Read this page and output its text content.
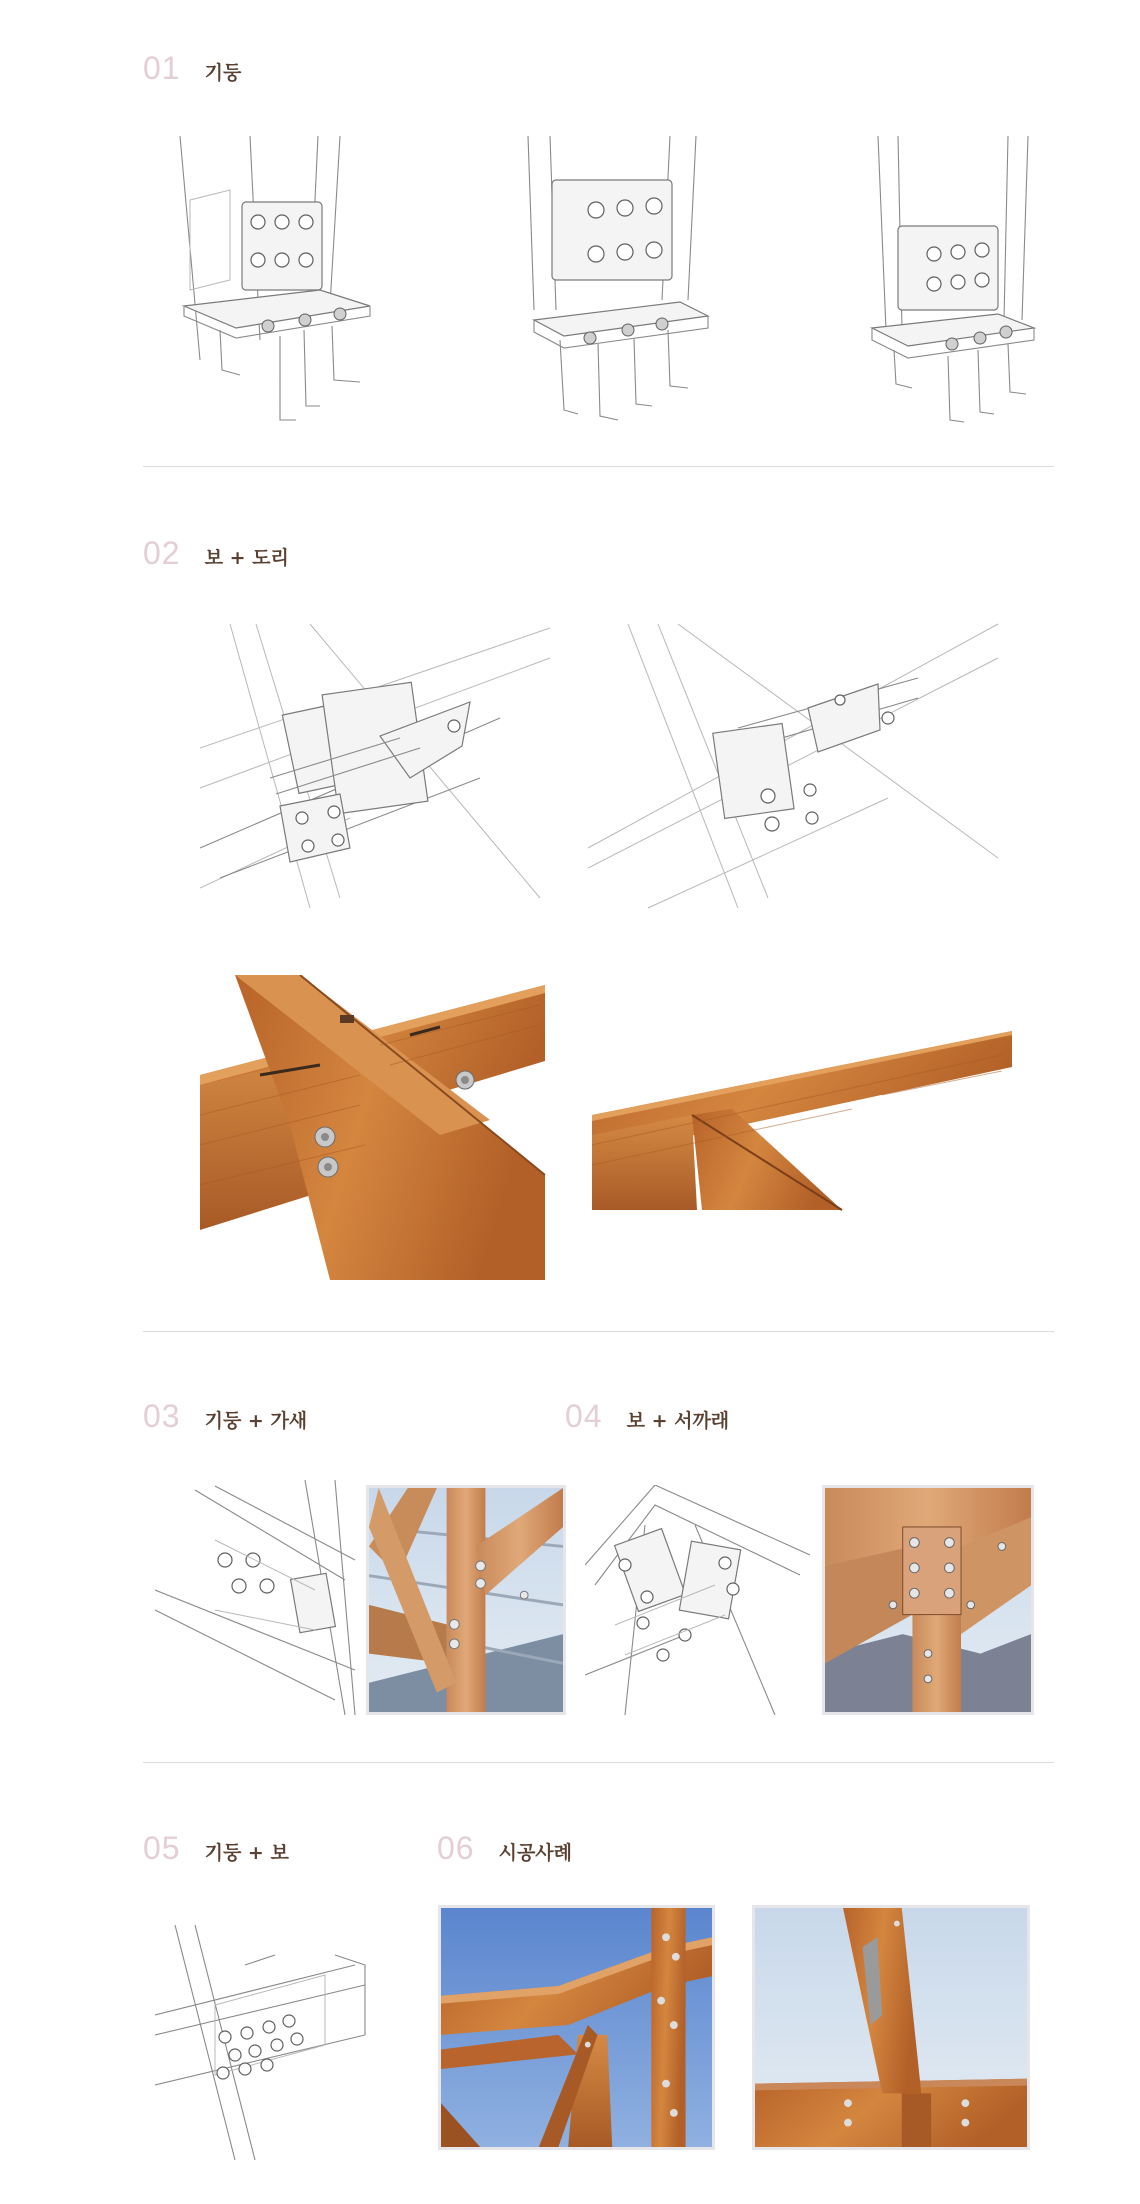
01 기둥
02 보 + 도리
03 기둥 + 가새	04 보 + 서까래
05 기둥 + 보	06 시공사례
